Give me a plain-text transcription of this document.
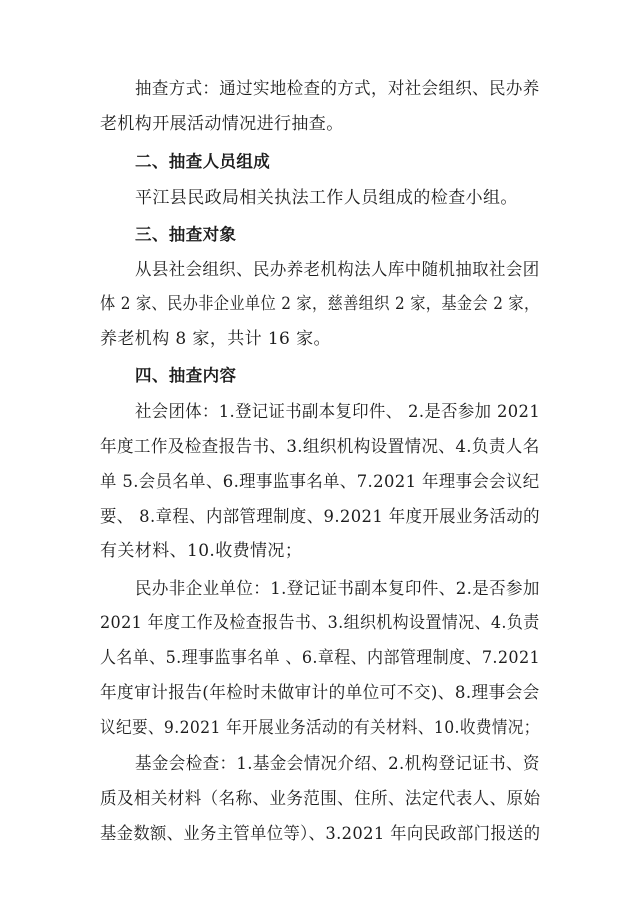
抽查方式：通过实地检查的方式，对社会组织、民办养
老机构开展活动情况进行抽查。
二、抽查人员组成
平江县民政局相关执法工作人员组成的检查小组。
三、抽查对象
从县社会组织、民办养老机构法人库中随机抽取社会团
体 2 家、民办非企业单位 2 家，慈善组织 2 家，基金会 2 家，
养老机构 8 家，共计 16 家。
四、抽查内容
社会团体：1.登记证书副本复印件、 2.是否参加 2021
年度工作及检查报告书、3.组织机构设置情况、4.负责人名
单 5.会员名单、6.理事监事名单、7.2021 年理事会会议纪
要、 8.章程、内部管理制度、9.2021 年度开展业务活动的
有关材料、10.收费情况；
民办非企业单位：1.登记证书副本复印件、2.是否参加
2021 年度工作及检查报告书、3.组织机构设置情况、4.负责
人名单、5.理事监事名单 、6.章程、内部管理制度、7.2021
年度审计报告(年检时未做审计的单位可不交)、8.理事会会
议纪要、9.2021 年开展业务活动的有关材料、10.收费情况；
基金会检查：1.基金会情况介绍、2.机构登记证书、资
质及相关材料（名称、业务范围、住所、法定代表人、原始
基金数额、业务主管单位等）、3.2021 年向民政部门报送的
